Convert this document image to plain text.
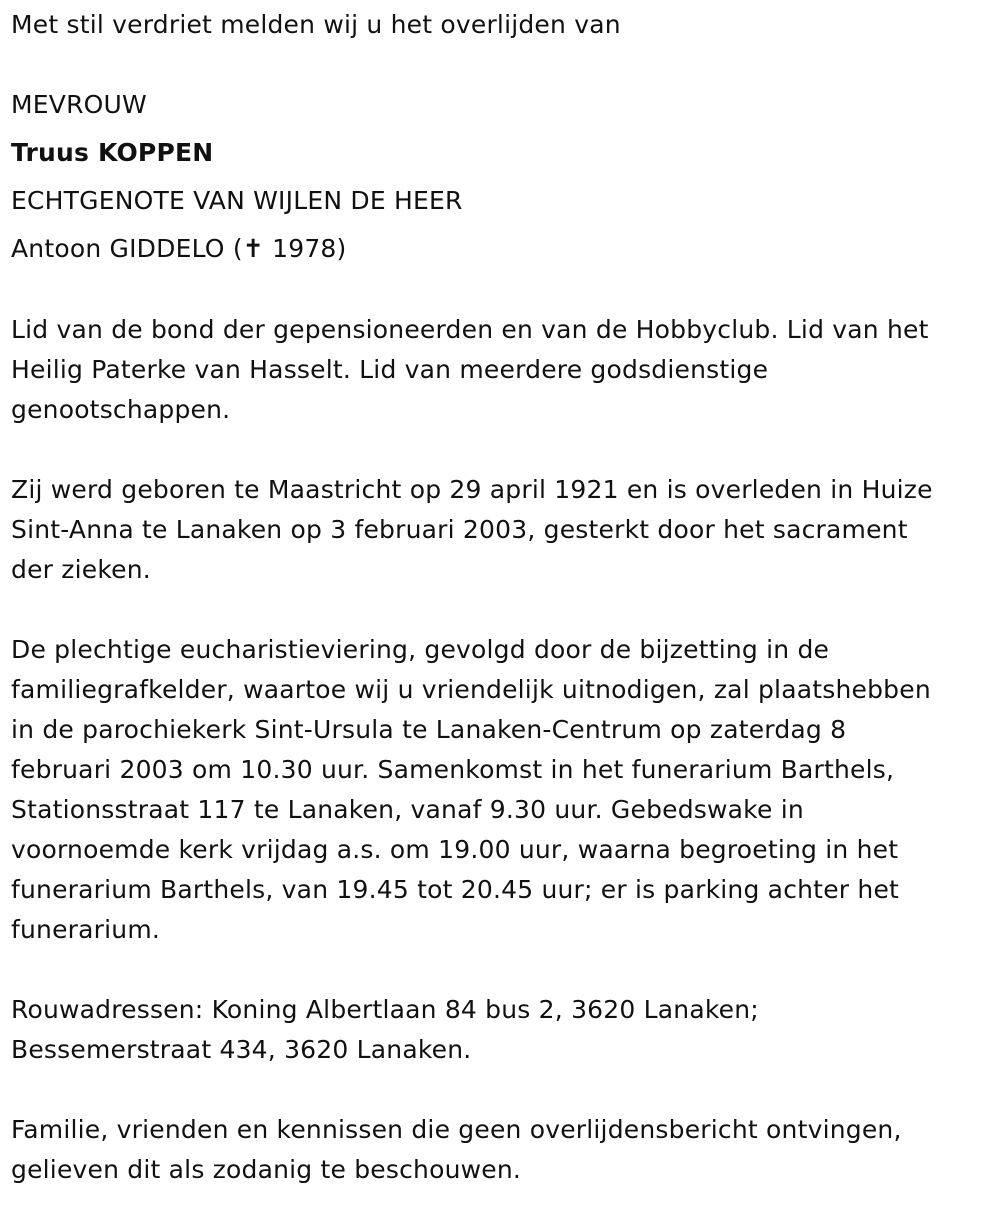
Met stil verdriet melden wij u het overlijden van
MEVROUW
Truus KOPPEN
ECHTGENOTE VAN WIJLEN DE HEER
Antoon GIDDELO (✝ 1978)
Lid van de bond der gepensioneerden en van de Hobbyclub. Lid van het
Heilig Paterke van Hasselt. Lid van meerdere godsdienstige
genootschappen.
Zij werd geboren te Maastricht op 29 april 1921 en is overleden in Huize
Sint-Anna te Lanaken op 3 februari 2003, gesterkt door het sacrament
der zieken.
De plechtige eucharistieviering, gevolgd door de bijzetting in de
familiegrafkelder, waartoe wij u vriendelijk uitnodigen, zal plaatshebben
in de parochiekerk Sint-Ursula te Lanaken-Centrum op zaterdag 8
februari 2003 om 10.30 uur. Samenkomst in het funerarium Barthels,
Stationsstraat 117 te Lanaken, vanaf 9.30 uur. Gebedswake in
voornoemde kerk vrijdag a.s. om 19.00 uur, waarna begroeting in het
funerarium Barthels, van 19.45 tot 20.45 uur; er is parking achter het
funerarium.
Rouwadressen: Koning Albertlaan 84 bus 2, 3620 Lanaken;
Bessemerstraat 434, 3620 Lanaken.
Familie, vrienden en kennissen die geen overlijdensbericht ontvingen,
gelieven dit als zodanig te beschouwen.
